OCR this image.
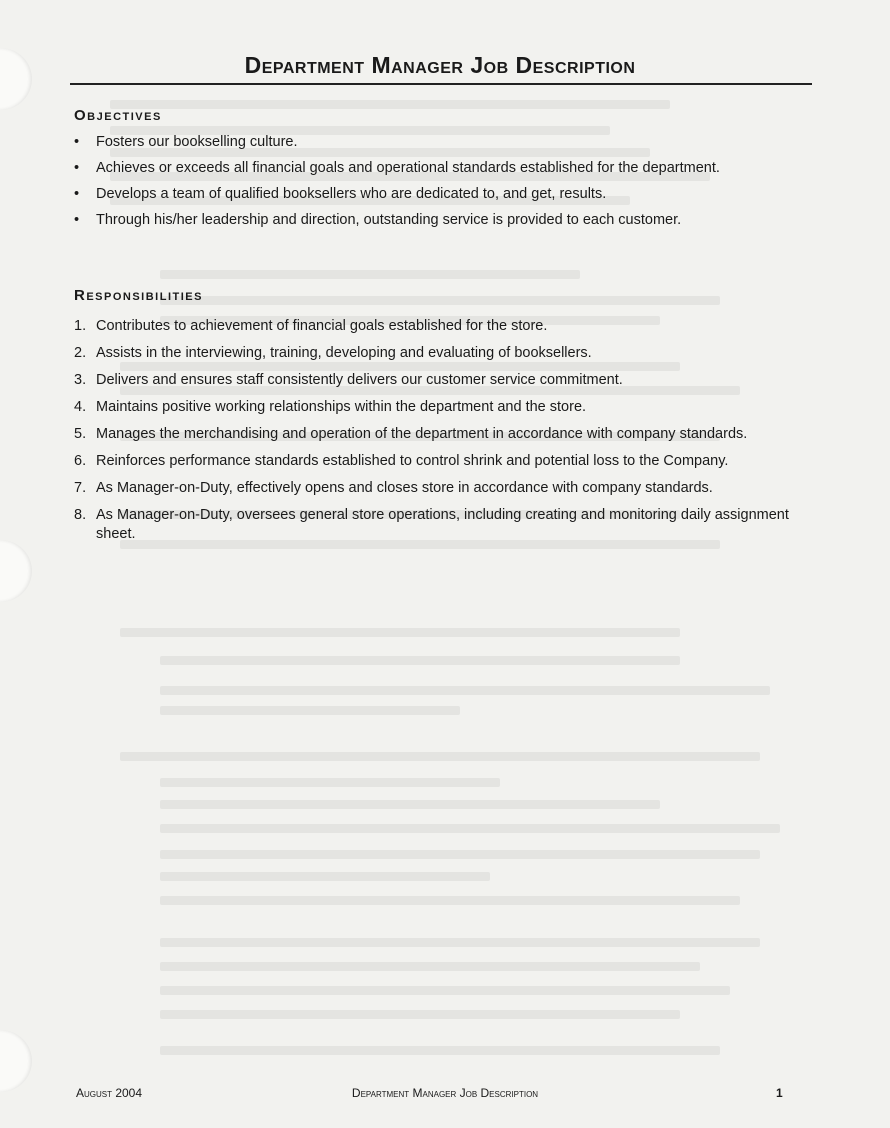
Department Manager Job Description
Objectives
• Fosters our bookselling culture.
• Achieves or exceeds all financial goals and operational standards established for the department.
• Develops a team of qualified booksellers who are dedicated to, and get, results.
• Through his/her leadership and direction, outstanding service is provided to each customer.
Responsibilities
1. Contributes to achievement of financial goals established for the store.
2. Assists in the interviewing, training, developing and evaluating of booksellers.
3. Delivers and ensures staff consistently delivers our customer service commitment.
4. Maintains positive working relationships within the department and the store.
5. Manages the merchandising and operation of the department in accordance with company standards.
6. Reinforces performance standards established to control shrink and potential loss to the Company.
7. As Manager-on-Duty, effectively opens and closes store in accordance with company standards.
8. As Manager-on-Duty, oversees general store operations, including creating and monitoring daily assignment sheet.
August 2004	Department Manager Job Description	1
